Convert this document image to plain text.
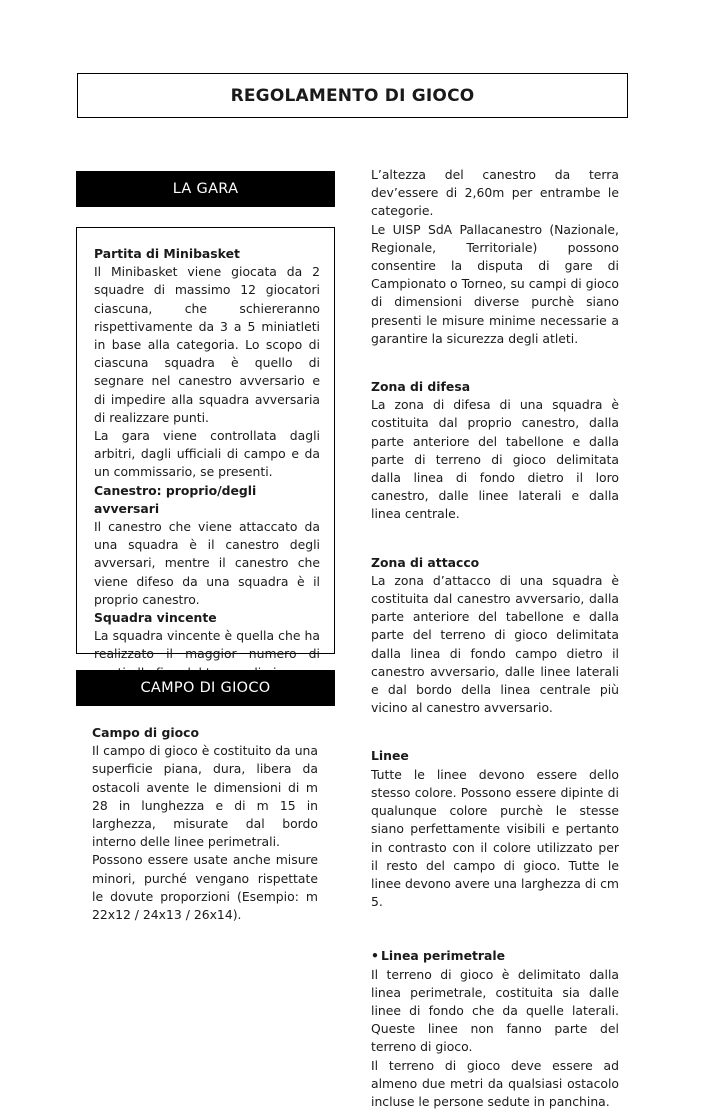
REGOLAMENTO DI GIOCO
LA GARA

Partita di Minibasket

Il Minibasket viene giocata da 2 squadre di massimo 12 giocatori ciascuna, che schiereranno rispettivamente da 3 a 5 miniatleti in base alla categoria. Lo scopo di ciascuna squadra è quello di segnare nel canestro avversario e di impedire alla squadra avversaria di realizzare punti.

La gara viene controllata dagli arbitri, dagli ufficiali di campo e da un commissario, se presenti.

Canestro: proprio/degli avversari

Il canestro che viene attaccato da una squadra è il canestro degli avversari, mentre il canestro che viene difeso da una squadra è il proprio canestro.

Squadra vincente

La squadra vincente è quella che ha realizzato il maggior numero di

CAMPO DI GIOCO

Campo di gioco

Il campo di gioco è costituito da una superficie piana, dura, libera da ostacoli avente le dimensioni di m 28 in lunghezza e di m 15 in larghezza, misurate dal bordo interno delle linee perimetrali.

Possono essere usate anche misure minori, purché vengano rispettate le dovute proporzioni (Esempio: m 22x12 / 24x13 / 26x14).

L’altezza del canestro da terra dev’essere di 2,60m per entrambe le categorie.

Le UISP SdA Pallacanestro (Nazionale, Regionale, Territoriale) possono consentire la disputa di gare di Campionato o Torneo, su campi di gioco di dimensioni diverse purchè siano presenti le misure minime necessarie a garantire la sicurezza degli atleti.

Zona di difesa

La zona di difesa di una squadra è costituita dal proprio canestro, dalla parte anteriore del tabellone e dalla parte di terreno di gioco delimitata dalla linea di fondo dietro il loro canestro, dalle linee laterali e dalla linea centrale.

Zona di attacco

La zona d’attacco di una squadra è costituita dal canestro avversario, dalla parte anteriore del tabellone e dalla parte del terreno di gioco delimitata dalla linea di fondo campo dietro il canestro avversario, dalle linee laterali e dal bordo della linea centrale più vicino al canestro avversario.

Linee

Tutte le linee devono essere dello stesso colore. Possono essere dipinte di qualunque colore purchè le stesse siano perfettamente visibili e pertanto in contrasto con il colore utilizzato per il resto del campo di gioco. Tutte le linee devono avere una larghezza di cm 5.

• Linea perimetrale

Il terreno di gioco è delimitato dalla linea perimetrale, costituita sia dalle linee di fondo che da quelle laterali. Queste linee non fanno parte del terreno di gioco.

Il terreno di gioco deve essere ad almeno due metri da qualsiasi ostacolo incluse le persone sedute in panchina.
